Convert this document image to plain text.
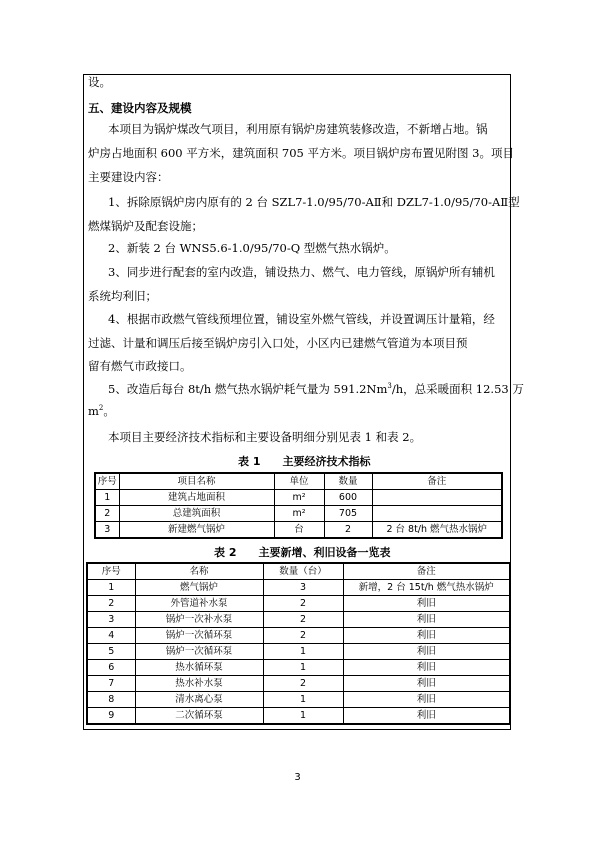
设。
五、建设内容及规模
本项目为锅炉煤改气项目，利用原有锅炉房建筑装修改造，不新增占地。锅
炉房占地面积 600 平方米，建筑面积 705 平方米。项目锅炉房布置见附图 3。项目
主要建设内容：
1、拆除原锅炉房内原有的 2 台 SZL7-1.0/95/70-AⅡ和 DZL7-1.0/95/70-AⅡ型
燃煤锅炉及配套设施；
2、新装 2 台 WNS5.6-1.0/95/70-Q 型燃气热水锅炉。
3、同步进行配套的室内改造，铺设热力、燃气、电力管线，原锅炉所有辅机
系统均利旧；
4、根据市政燃气管线预埋位置，铺设室外燃气管线，并设置调压计量箱，经
过滤、计量和调压后接至锅炉房引入口处，小区内已建燃气管道为本项目预
留有燃气市政接口。
5、改造后每台 8t/h 燃气热水锅炉耗气量为 591.2Nm$^3$/h，总采暖面积 12.53 万
$m^2$。
本项目主要经济技术指标和主要设备明细分别见表 1 和表 2。
表 1　　主要经济技术指标
序号	项目名称	单位	数量	备注
1	建筑占地面积	m²	600	
2	总建筑面积	m²	705	
3	新建燃气锅炉	台	2	2 台 8t/h 燃气热水锅炉
表 2　　主要新增、利旧设备一览表
序号	名称	数量（台）	备注
1	燃气锅炉	3	新增，2 台 15t/h 燃气热水锅炉
2	外管道补水泵	2	利旧
3	锅炉一次补水泵	2	利旧
4	锅炉一次循环泵	2	利旧
5	锅炉一次循环泵	1	利旧
6	热水循环泵	1	利旧
7	热水补水泵	2	利旧
8	清水离心泵	1	利旧
9	二次循环泵	1	利旧
3
